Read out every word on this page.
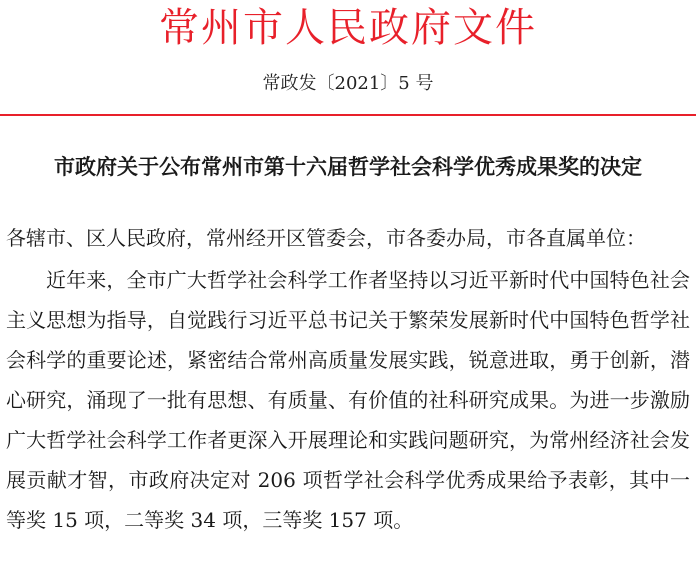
常州市人民政府文件
常政发〔2021〕5 号
市政府关于公布常州市第十六届哲学社会科学优秀成果奖的决定

各辖市、区人民政府，常州经开区管委会，市各委办局，市各直属单位：

近年来，全市广大哲学社会科学工作者坚持以习近平新时代中国特色社会主义思想为指导，自觉践行习近平总书记关于繁荣发展新时代中国特色哲学社会科学的重要论述，紧密结合常州高质量发展实践，锐意进取，勇于创新，潜心研究，涌现了一批有思想、有质量、有价值的社科研究成果。为进一步激励广大哲学社会科学工作者更深入开展理论和实践问题研究，为常州经济社会发展贡献才智，市政府决定对 206 项哲学社会科学优秀成果给予表彰，其中一等奖 15 项，二等奖 34 项，三等奖 157 项。
